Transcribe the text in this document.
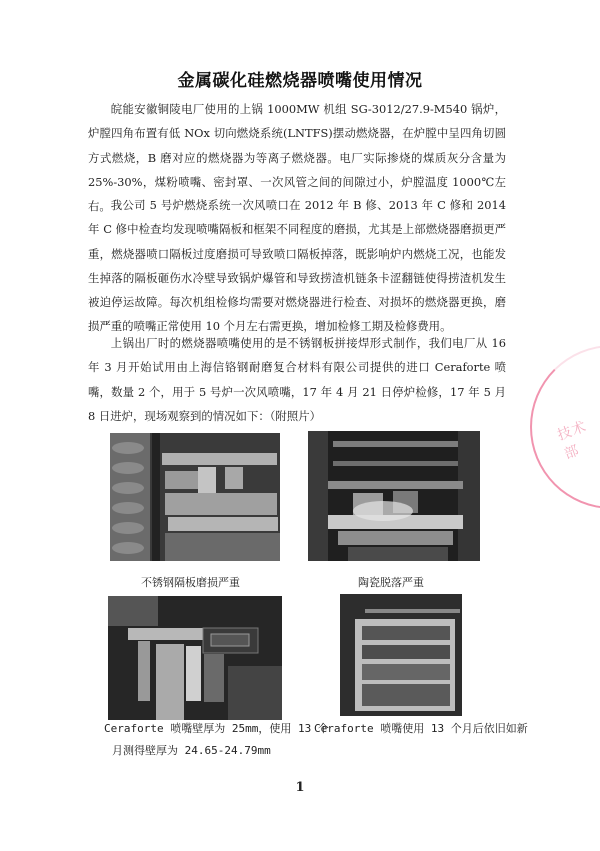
金属碳化硅燃烧器喷嘴使用情况

皖能安徽铜陵电厂使用的上锅 1000MW 机组 SG-3012/27.9-M540 锅炉，炉膛四角布置有低 NOx 切向燃烧系统(LNTFS)摆动燃烧器，在炉膛中呈四角切圆方式燃烧，B 磨对应的燃烧器为等离子燃烧器。电厂实际掺烧的煤质灰分含量为 25%-30%，煤粉喷嘴、密封罩、一次风管之间的间隙过小，炉膛温度 1000℃左右。 我公司 5 号炉燃烧系统一次风喷口在 2012 年 B 修、2013 年 C 修和 2014 年 C 修中检查均发现喷嘴隔板和框架不同程度的磨损，尤其是上部燃烧器磨损更严重，燃烧器喷口隔板过度磨损可导致喷口隔板掉落，既影响炉内燃烧工况，也能发生掉落的隔板砸伤水冷壁导致锅炉爆管和导致捞渣机链条卡涩翻链使得捞渣机发生被迫停运故障。每次机组检修均需要对燃烧器进行检查、对损坏的燃烧器更换，磨损严重的喷嘴正常使用 10 个月左右需更换，增加检修工期及检修费用。

上锅出厂时的燃烧器喷嘴使用的是不锈钢板拼接焊形式制作，我们电厂从 16 年 3 月开始试用由上海信铬钢耐磨复合材料有限公司提供的进口 Ceraforte 喷嘴，数量 2 个，用于 5 号炉一次风喷嘴，17 年 4 月 21 日停炉检修，17 年 5 月 8 日进炉，现场观察到的情况如下：（附照片）

不锈钢隔板磨损严重	陶瓷脱落严重
Ceraforte 喷嘴壁厚为 25mm，使用 13 个
月测得壁厚为 24.65-24.79mm
Ceraforte 喷嘴使用 13 个月后依旧如新
1
技术部
